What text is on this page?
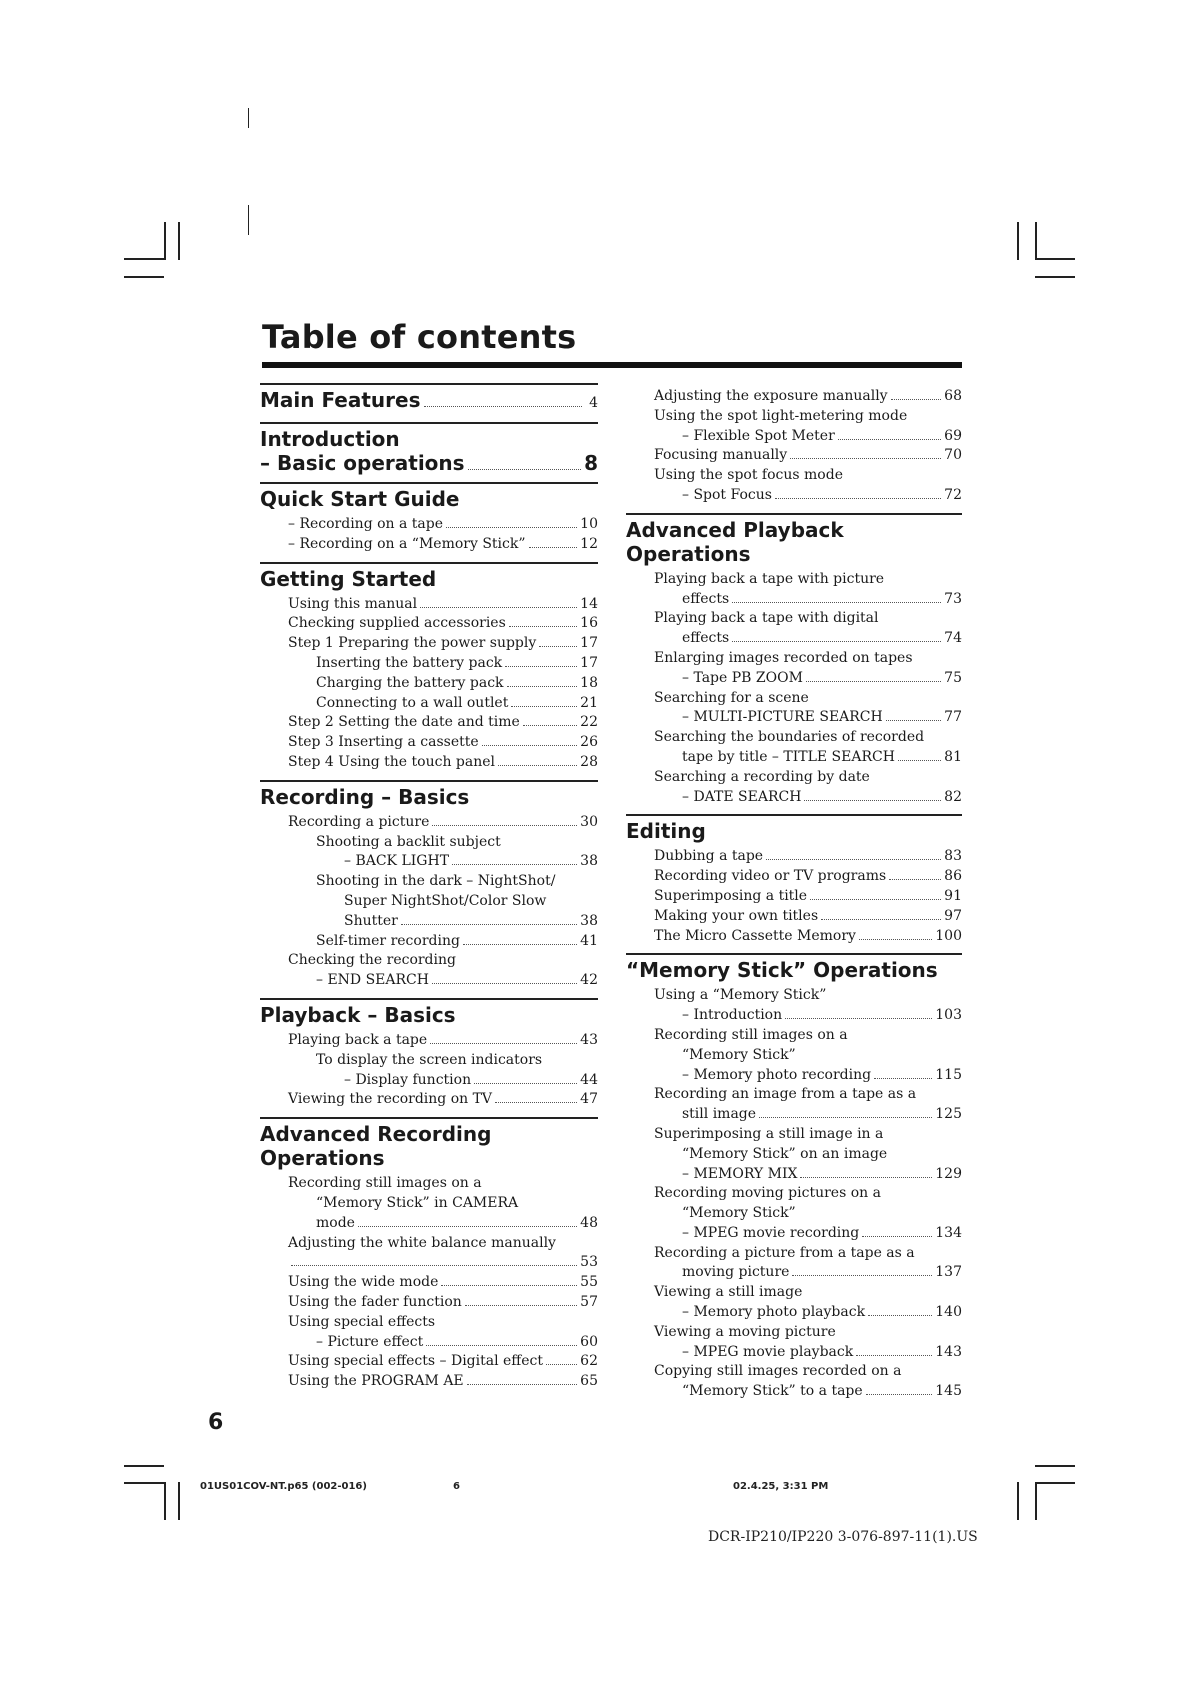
Table of contents
Main Features	4
Introduction
– Basic operations	8
Quick Start Guide
– Recording on a tape	10
– Recording on a “Memory Stick”	12
Getting Started
Using this manual	14
Checking supplied accessories	16
Step 1 Preparing the power supply	17
Inserting the battery pack	17
Charging the battery pack	18
Connecting to a wall outlet	21
Step 2 Setting the date and time	22
Step 3 Inserting a cassette	26
Step 4 Using the touch panel	28
Recording – Basics
Recording a picture	30
Shooting a backlit subject
– BACK LIGHT	38
Shooting in the dark – NightShot/
Super NightShot/Color Slow
Shutter	38
Self-timer recording	41
Checking the recording
– END SEARCH	42
Playback – Basics
Playing back a tape	43
To display the screen indicators
– Display function	44
Viewing the recording on TV	47
Advanced Recording
Operations
Recording still images on a
“Memory Stick” in CAMERA
mode	48
Adjusting the white balance manually
53
Using the wide mode	55
Using the fader function	57
Using special effects
– Picture effect	60
Using special effects – Digital effect	62
Using the PROGRAM AE	65
Adjusting the exposure manually	68
Using the spot light-metering mode
– Flexible Spot Meter	69
Focusing manually	70
Using the spot focus mode
– Spot Focus	72
Advanced Playback
Operations
Playing back a tape with picture
effects	73
Playing back a tape with digital
effects	74
Enlarging images recorded on tapes
– Tape PB ZOOM	75
Searching for a scene
– MULTI-PICTURE SEARCH	77
Searching the boundaries of recorded
tape by title – TITLE SEARCH	81
Searching a recording by date
– DATE SEARCH	82
Editing
Dubbing a tape	83
Recording video or TV programs	86
Superimposing a title	91
Making your own titles	97
The Micro Cassette Memory	100
“Memory Stick” Operations
Using a “Memory Stick”
– Introduction	103
Recording still images on a
“Memory Stick”
– Memory photo recording	115
Recording an image from a tape as a
still image	125
Superimposing a still image in a
“Memory Stick” on an image
– MEMORY MIX	129
Recording moving pictures on a
“Memory Stick”
– MPEG movie recording	134
Recording a picture from a tape as a
moving picture	137
Viewing a still image
– Memory photo playback	140
Viewing a moving picture
– MPEG movie playback	143
Copying still images recorded on a
“Memory Stick” to a tape	145
6
01US01COV-NT.p65 (002-016)	6	02.4.25, 3:31 PM
DCR-IP210/IP220 3-076-897-11(1).US
